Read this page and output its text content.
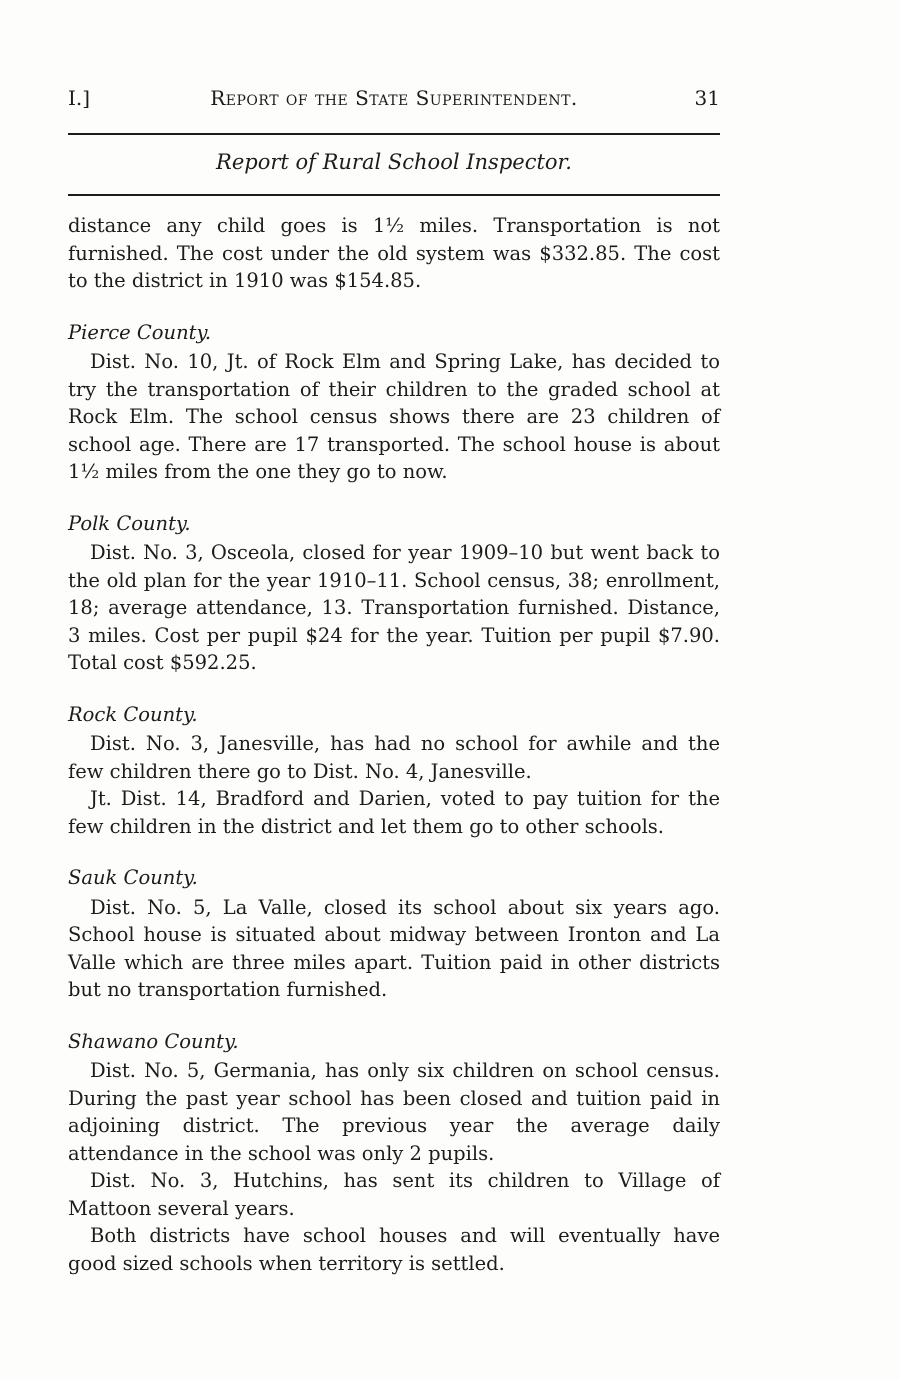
I.]	Report of the State Superintendent.	31
Report of Rural School Inspector.

distance any child goes is 1½ miles. Transportation is not furnished. The cost under the old system was $332.85. The cost to the district in 1910 was $154.85.

Pierce County.

Dist. No. 10, Jt. of Rock Elm and Spring Lake, has decided to try the transportation of their children to the graded school at Rock Elm. The school census shows there are 23 children of school age. There are 17 transported. The school house is about 1½ miles from the one they go to now.

Polk County.

Dist. No. 3, Osceola, closed for year 1909–10 but went back to the old plan for the year 1910–11. School census, 38; enrollment, 18; average attendance, 13. Transportation furnished. Distance, 3 miles. Cost per pupil $24 for the year. Tuition per pupil $7.90. Total cost $592.25.

Rock County.

Dist. No. 3, Janesville, has had no school for awhile and the few children there go to Dist. No. 4, Janesville.

Jt. Dist. 14, Bradford and Darien, voted to pay tuition for the few children in the district and let them go to other schools.

Sauk County.

Dist. No. 5, La Valle, closed its school about six years ago. School house is situated about midway between Ironton and La Valle which are three miles apart. Tuition paid in other districts but no transportation furnished.

Shawano County.

Dist. No. 5, Germania, has only six children on school census. During the past year school has been closed and tuition paid in adjoining district. The previous year the average daily attendance in the school was only 2 pupils.

Dist. No. 3, Hutchins, has sent its children to Village of Mattoon several years.

Both districts have school houses and will eventually have good sized schools when territory is settled.
